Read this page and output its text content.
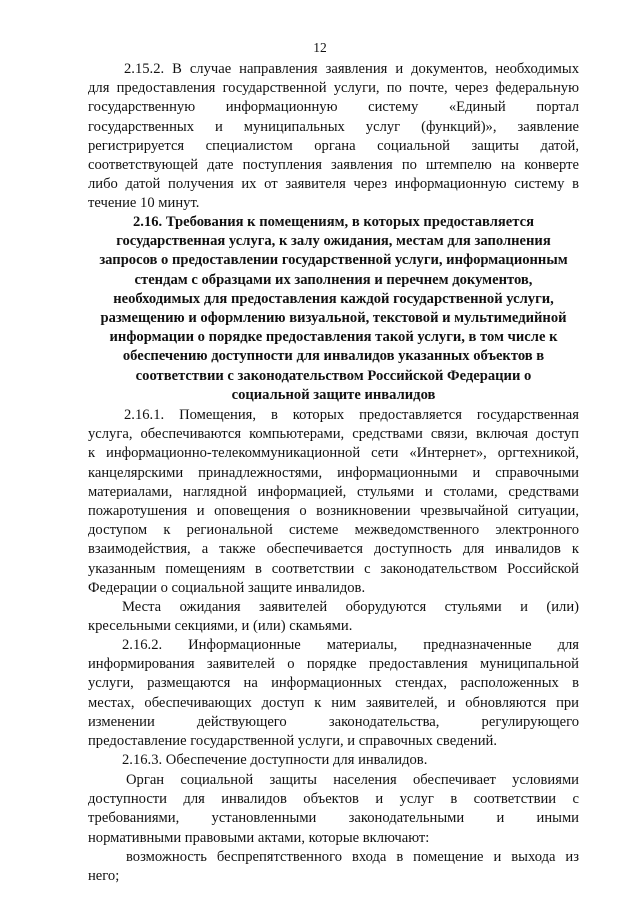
12
2.15.2. В случае направления заявления и документов, необходимых
для предоставления государственной услуги, по почте, через федеральную
государственную информационную систему «Единый портал
государственных и муниципальных услуг (функций)», заявление
регистрируется специалистом органа социальной защиты датой,
соответствующей дате поступления заявления по штемпелю на конверте
либо датой получения их от заявителя через информационную систему в
течение 10 минут.
2.16. Требования к помещениям, в которых предоставляется
государственная услуга, к залу ожидания, местам для заполнения
запросов о предоставлении государственной услуги, информационным
стендам с образцами их заполнения и перечнем документов,
необходимых для предоставления каждой государственной услуги,
размещению и оформлению визуальной, текстовой и мультимедийной
информации о порядке предоставления такой услуги, в том числе к
обеспечению доступности для инвалидов указанных объектов в
соответствии с законодательством Российской Федерации о
социальной защите инвалидов
2.16.1. Помещения, в которых предоставляется государственная
услуга, обеспечиваются компьютерами, средствами связи, включая доступ
к информационно-телекоммуникационной сети «Интернет», оргтехникой,
канцелярскими принадлежностями, информационными и справочными
материалами, наглядной информацией, стульями и столами, средствами
пожаротушения и оповещения о возникновении чрезвычайной ситуации,
доступом к региональной системе межведомственного электронного
взаимодействия, а также обеспечивается доступность для инвалидов к
указанным помещениям в соответствии с законодательством Российской
Федерации о социальной защите инвалидов.
Места ожидания заявителей оборудуются стульями и (или)
кресельными секциями, и (или) скамьями.
2.16.2. Информационные материалы, предназначенные для
информирования заявителей о порядке предоставления муниципальной
услуги, размещаются на информационных стендах, расположенных в
местах, обеспечивающих доступ к ним заявителей, и обновляются при
изменении действующего законодательства, регулирующего
предоставление государственной услуги, и справочных сведений.
2.16.3. Обеспечение доступности для инвалидов.
Орган социальной защиты населения обеспечивает условиями
доступности для инвалидов объектов и услуг в соответствии с
требованиями, установленными законодательными и иными
нормативными правовыми актами, которые включают:
возможность беспрепятственного входа в помещение и выхода из
него;
